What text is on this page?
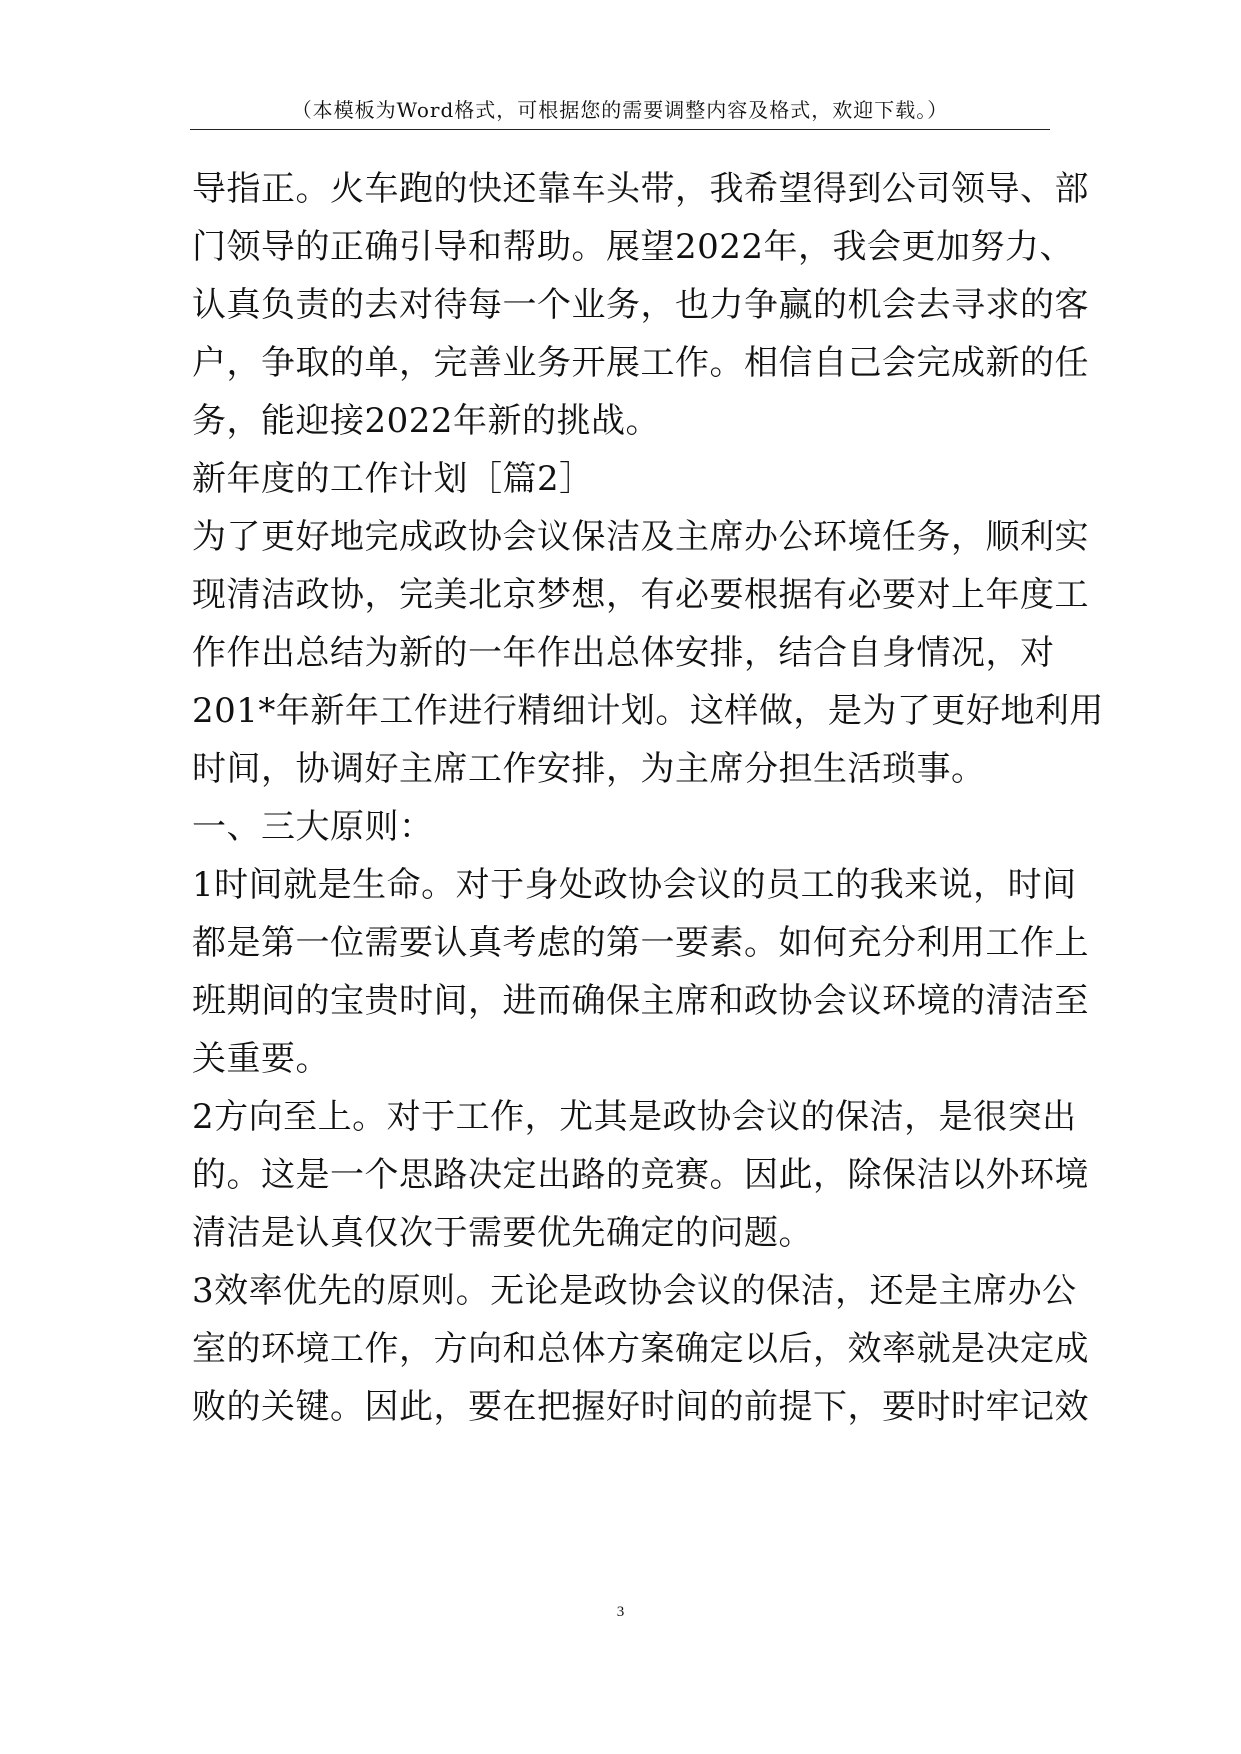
（本模板为Word格式，可根据您的需要调整内容及格式，欢迎下载。）
导指正。火车跑的快还靠车头带，我希望得到公司领导、部
门领导的正确引导和帮助。展望2022年，我会更加努力、
认真负责的去对待每一个业务，也力争赢的机会去寻求的客
户，争取的单，完善业务开展工作。相信自己会完成新的任
务，能迎接2022年新的挑战。
新年度的工作计划［篇2］
为了更好地完成政协会议保洁及主席办公环境任务，顺利实
现清洁政协，完美北京梦想，有必要根据有必要对上年度工
作作出总结为新的一年作出总体安排，结合自身情况，对
201*年新年工作进行精细计划。这样做，是为了更好地利用
时间，协调好主席工作安排，为主席分担生活琐事。
一、三大原则：
1时间就是生命。对于身处政协会议的员工的我来说，时间
都是第一位需要认真考虑的第一要素。如何充分利用工作上
班期间的宝贵时间，进而确保主席和政协会议环境的清洁至
关重要。
2方向至上。对于工作，尤其是政协会议的保洁，是很突出
的。这是一个思路决定出路的竞赛。因此，除保洁以外环境
清洁是认真仅次于需要优先确定的问题。
3效率优先的原则。无论是政协会议的保洁，还是主席办公
室的环境工作，方向和总体方案确定以后，效率就是决定成
败的关键。因此，要在把握好时间的前提下，要时时牢记效
3
